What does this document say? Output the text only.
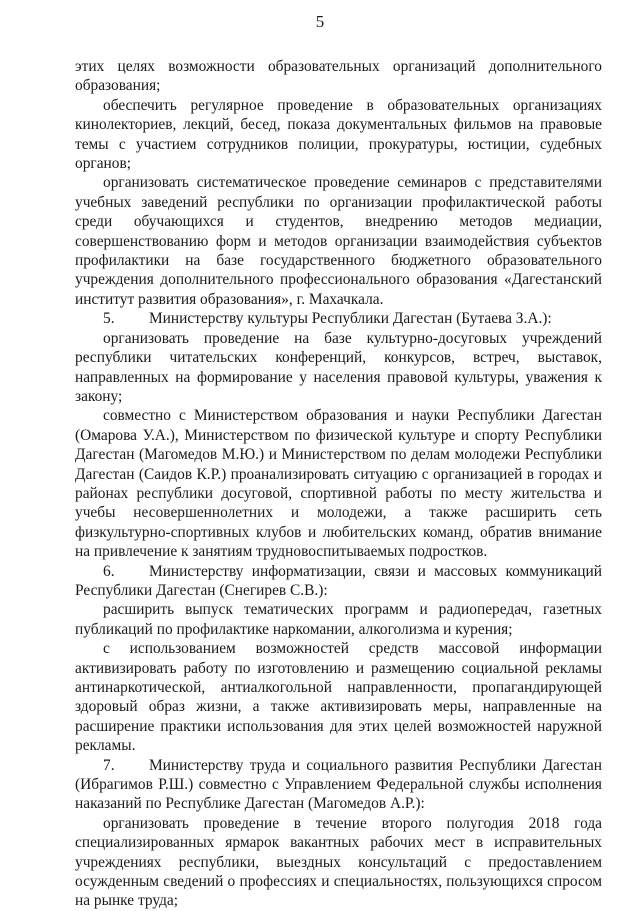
5

этих целях возможности образовательных организаций дополнительного образования;

обеспечить регулярное проведение в образовательных организациях кинолекториев, лекций, бесед, показа документальных фильмов на правовые темы с участием сотрудников полиции, прокуратуры, юстиции, судебных органов;

организовать систематическое проведение семинаров с представителями учебных заведений республики по организации профилактической работы среди обучающихся и студентов, внедрению методов медиации, совершенствованию форм и методов организации взаимодействия субъектов профилактики на базе государственного бюджетного образовательного учреждения дополнительного профессионального образования «Дагестанский институт развития образования», г. Махачкала.

5. Министерству культуры Республики Дагестан (Бутаева З.А.):

организовать проведение на базе культурно-досуговых учреждений республики читательских конференций, конкурсов, встреч, выставок, направленных на формирование у населения правовой культуры, уважения к закону;

совместно с Министерством образования и науки Республики Дагестан (Омарова У.А.), Министерством по физической культуре и спорту Республики Дагестан (Магомедов М.Ю.) и Министерством по делам молодежи Республики Дагестан (Саидов К.Р.) проанализировать ситуацию с организацией в городах и районах республики досуговой, спортивной работы по месту жительства и учебы несовершеннолетних и молодежи, а также расширить сеть физкультурно-спортивных клубов и любительских команд, обратив внимание на привлечение к занятиям трудновоспитываемых подростков.

6. Министерству информатизации, связи и массовых коммуникаций Республики Дагестан (Снегирев С.В.):

расширить выпуск тематических программ и радиопередач, газетных публикаций по профилактике наркомании, алкоголизма и курения;

с использованием возможностей средств массовой информации активизировать работу по изготовлению и размещению социальной рекламы антинаркотической, антиалкогольной направленности, пропагандирующей здоровый образ жизни, а также активизировать меры, направленные на расширение практики использования для этих целей возможностей наружной рекламы.

7. Министерству труда и социального развития Республики Дагестан (Ибрагимов Р.Ш.) совместно с Управлением Федеральной службы исполнения наказаний по Республике Дагестан (Магомедов А.Р.):

организовать проведение в течение второго полугодия 2018 года специализированных ярмарок вакантных рабочих мест в исправительных учреждениях республики, выездных консультаций с предоставлением осужденным сведений о профессиях и специальностях, пользующихся спросом на рынке труда;
